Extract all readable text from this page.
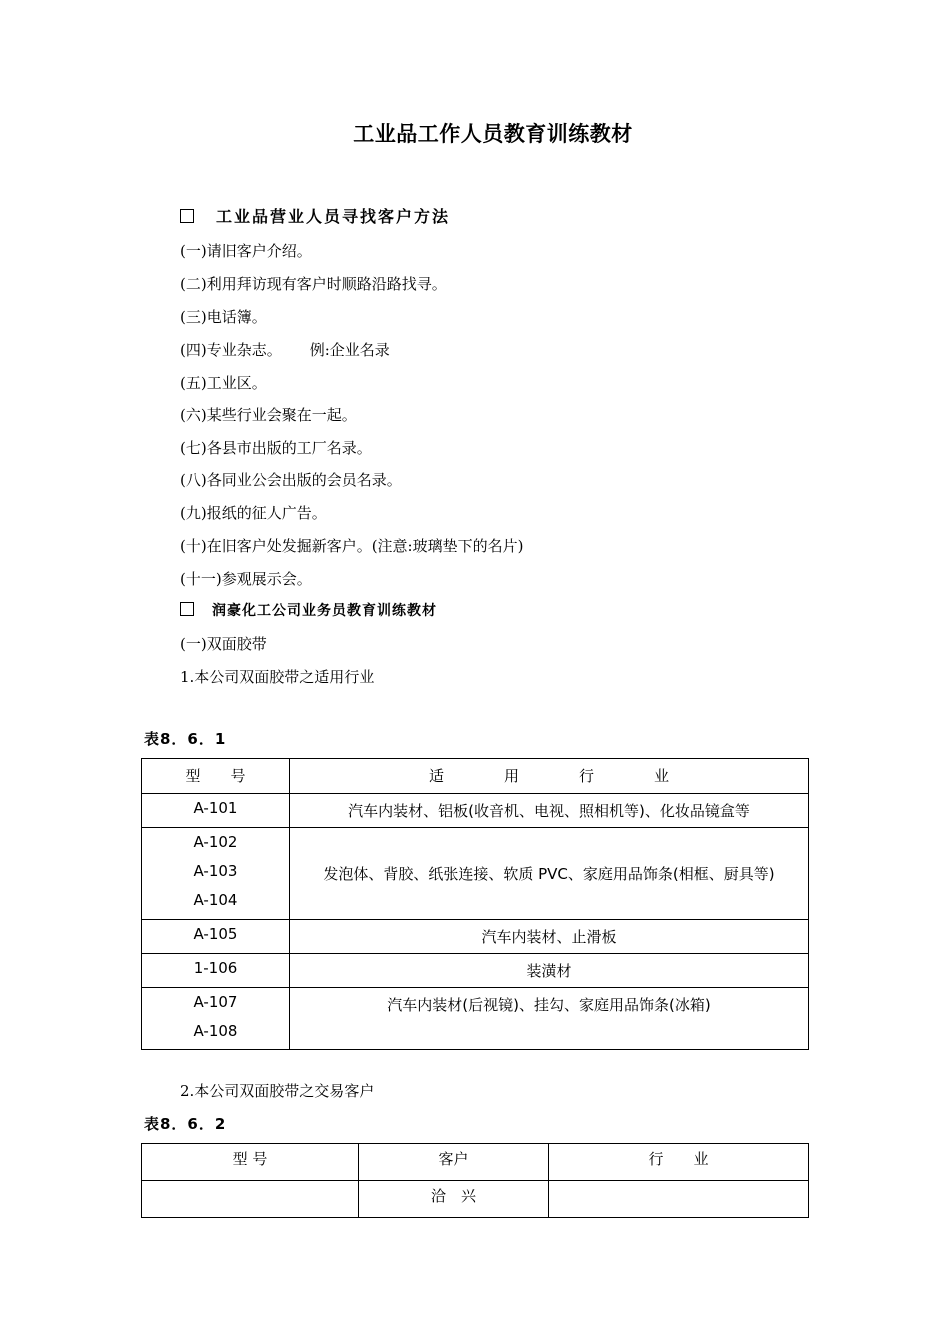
工业品工作人员教育训练教材
工业品营业人员寻找客户方法
(一)请旧客户介绍。
(二)利用拜访现有客户时顺路沿路找寻。
(三)电话簿。
(四)专业杂志。 例:企业名录
(五)工业区。
(六)某些行业会聚在一起。
(七)各县市出版的工厂名录。
(八)各同业公会出版的会员名录。
(九)报纸的征人广告。
(十)在旧客户处发掘新客户。(注意:玻璃垫下的名片)
(十一)参观展示会。
润豪化工公司业务员教育训练教材
(一)双面胶带
1.本公司双面胶带之适用行业
表8．6．1
型　　号	适　　　　用　　　　行　　　　业

A-101	汽车内装材、铝板(收音机、电视、照相机等)、化妆品镜盒等

A-102
A-103
A-104	发泡体、背胶、纸张连接、软质 PVC、家庭用品饰条(相框、厨具等)

A-105	汽车内装材、止滑板

1-106	装潢材

A-107
A-108	汽车内装材(后视镜)、挂勾、家庭用品饰条(冰箱)
2.本公司双面胶带之交易客户
表8．6．2
型 号	客户	行　　业
	洽　兴	
